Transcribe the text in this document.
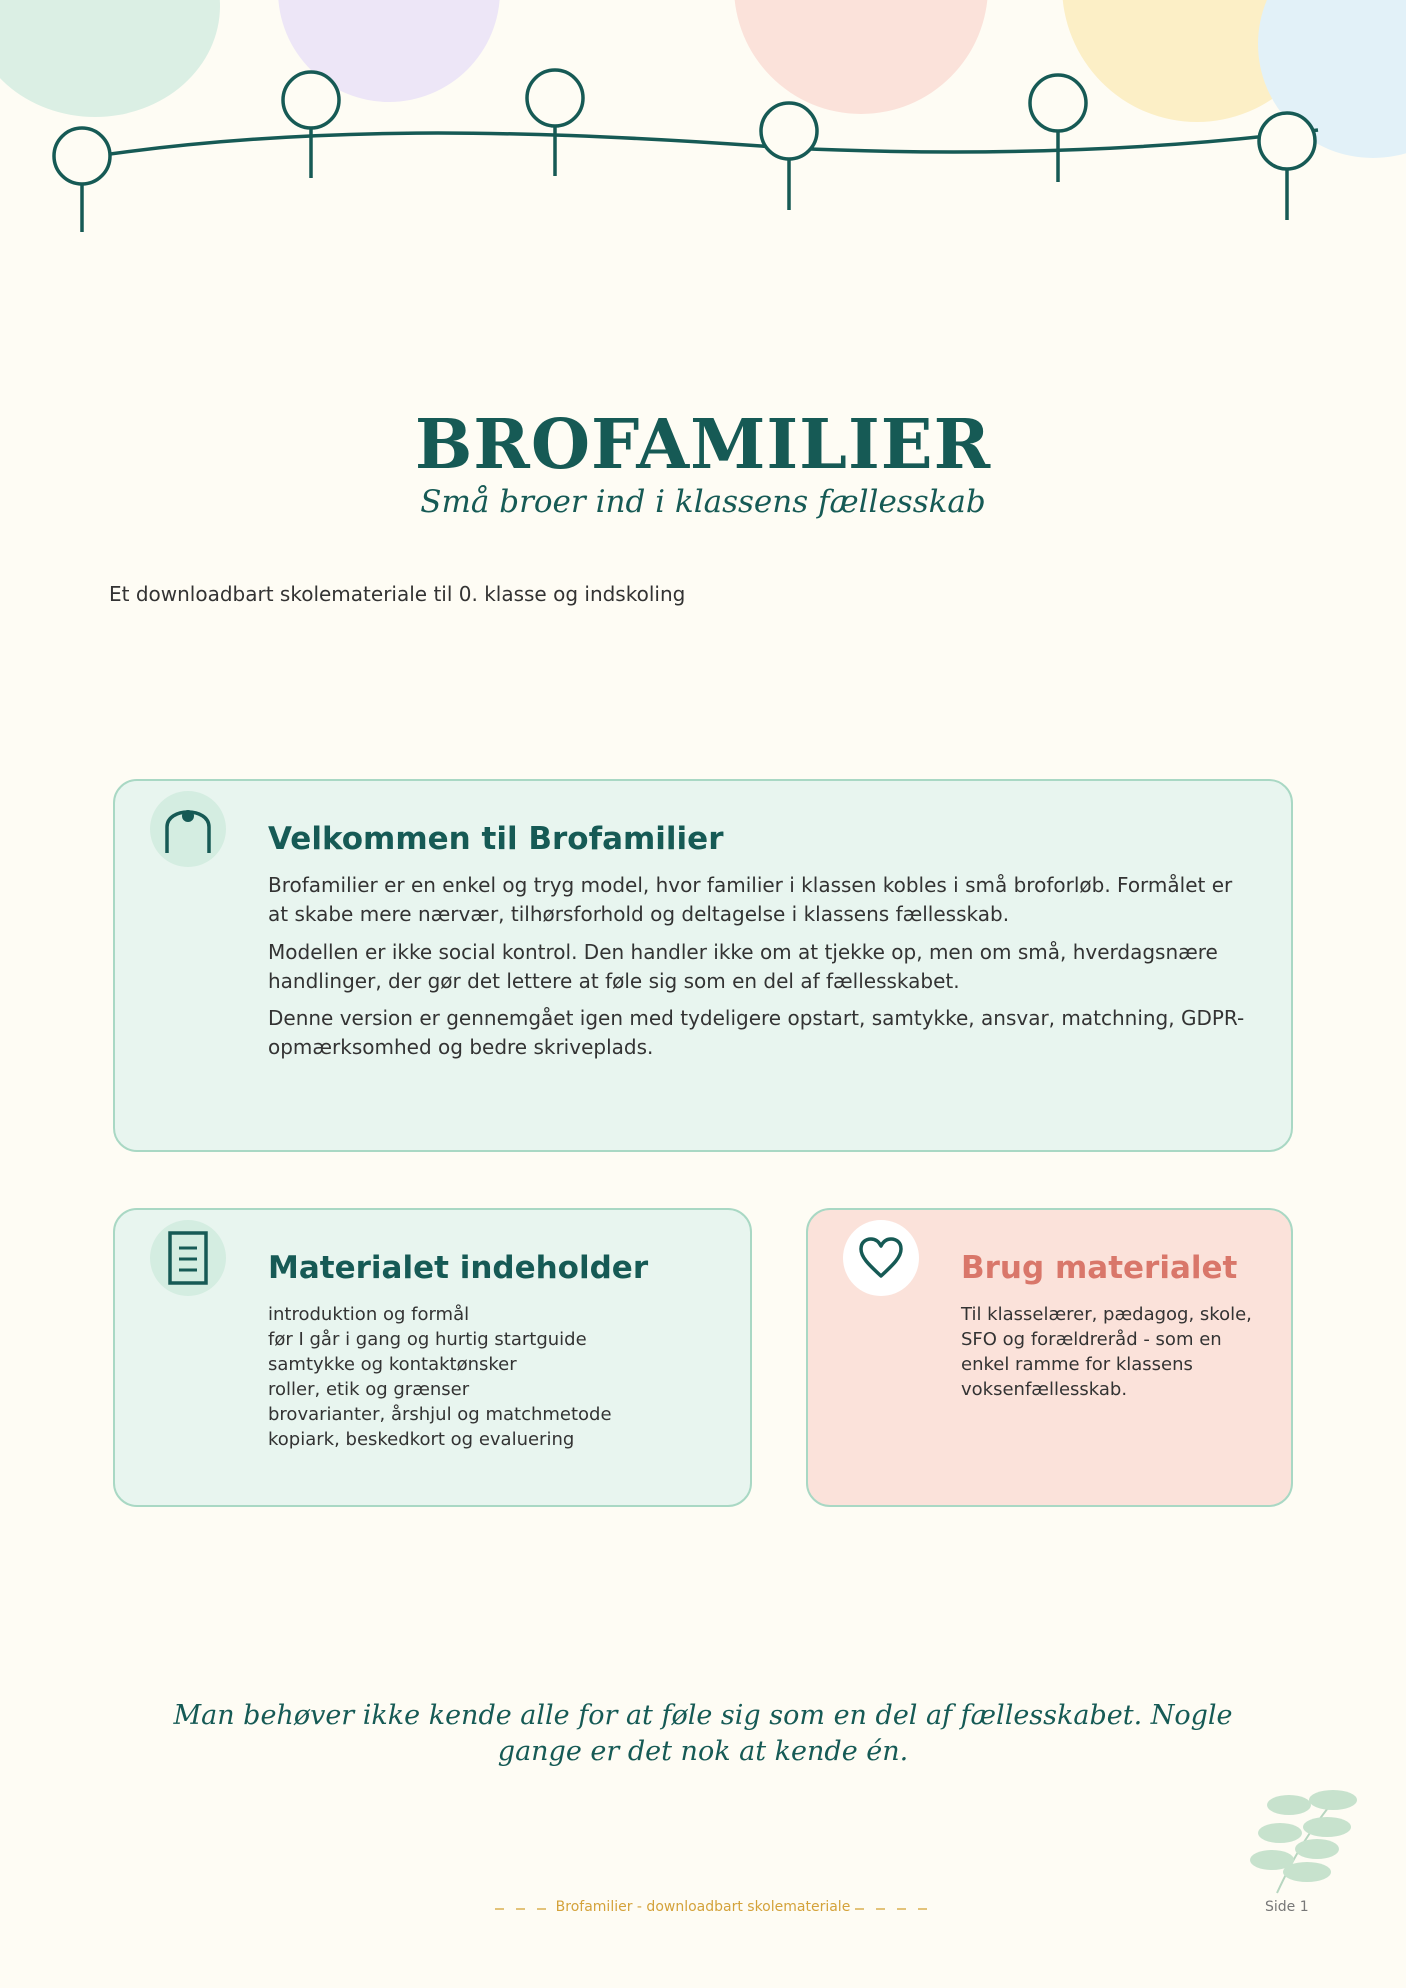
BROFAMILIER

Små broer ind i klassens fællesskab

Et downloadbart skolemateriale til 0. klasse og indskoling
Velkommen til Brofamilier

Brofamilier er en enkel og tryg model, hvor familier i klassen kobles i små broforløb. Formålet er at skabe mere nærvær, tilhørsforhold og deltagelse i klassens fællesskab.

Modellen er ikke social kontrol. Den handler ikke om at tjekke op, men om små, hverdagsnære handlinger, der gør det lettere at føle sig som en del af fællesskabet.

Denne version er gennemgået igen med tydeligere opstart, samtykke, ansvar, matchning, GDPR-opmærksomhed og bedre skriveplads.

Materialet indeholder
introduktion og formål
før I går i gang og hurtig startguide
samtykke og kontaktønsker
roller, etik og grænser
brovarianter, årshjul og matchmetode
kopiark, beskedkort og evaluering
Brug materialet

Til klasselærer, pædagog, skole, SFO og forældreråd - som en enkel ramme for klassens voksenfællesskab.

Man behøver ikke kende alle for at føle sig som en del af fællesskabet. Nogle gange er det nok at kende én.

Brofamilier - downloadbart skolemateriale	Side 1
